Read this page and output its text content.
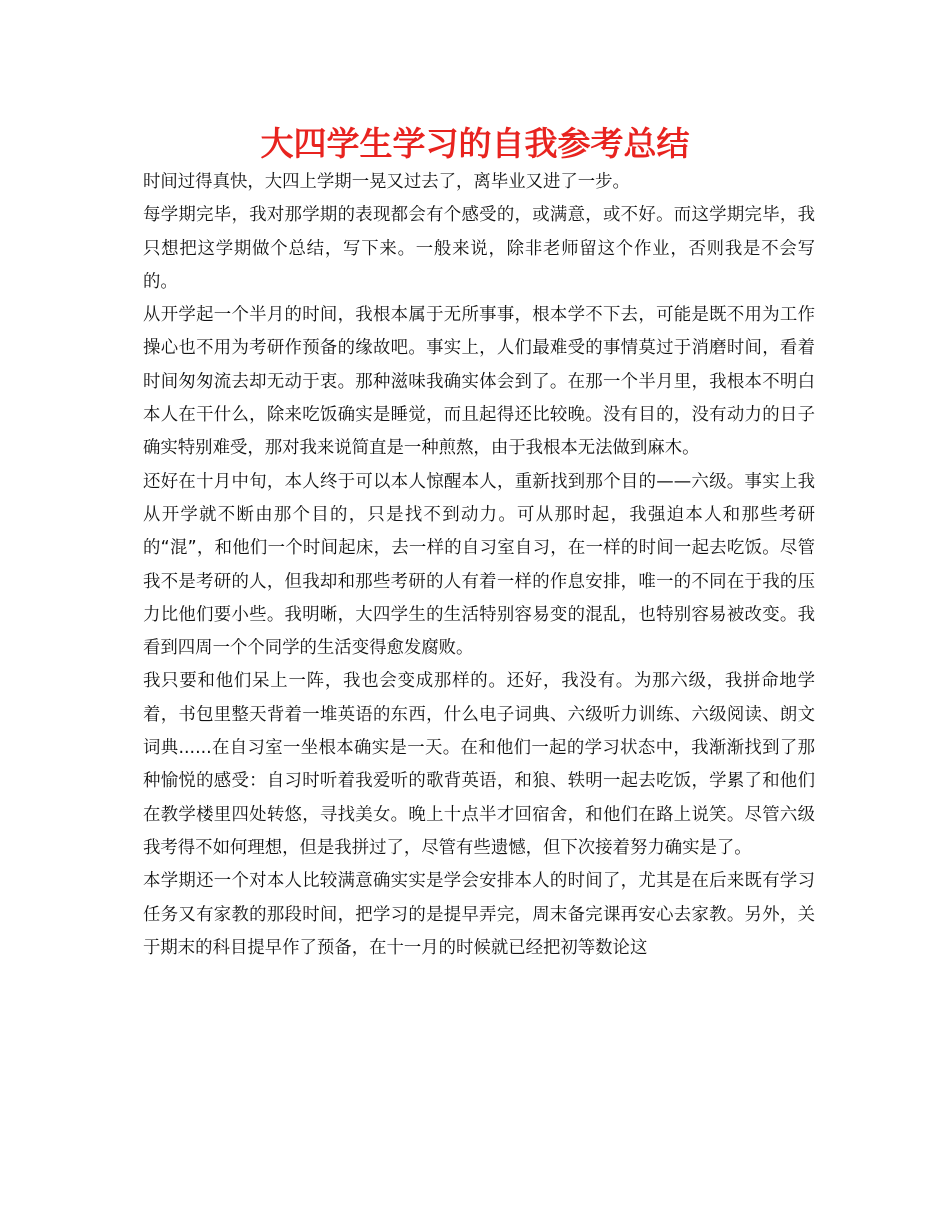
大四学生学习的自我参考总结

时间过得真快，大四上学期一晃又过去了，离毕业又进了一步。

每学期完毕，我对那学期的表现都会有个感受的，或满意，或不好。而这学期完毕，我只想把这学期做个总结，写下来。一般来说，除非老师留这个作业，否则我是不会写的。

从开学起一个半月的时间，我根本属于无所事事，根本学不下去，可能是既不用为工作操心也不用为考研作预备的缘故吧。事实上，人们最难受的事情莫过于消磨时间，看着时间匆匆流去却无动于衷。那种滋味我确实体会到了。在那一个半月里，我根本不明白本人在干什么，除来吃饭确实是睡觉，而且起得还比较晚。没有目的，没有动力的日子确实特别难受，那对我来说简直是一种煎熬，由于我根本无法做到麻木。

还好在十月中旬，本人终于可以本人惊醒本人，重新找到那个目的——六级。事实上我从开学就不断由那个目的，只是找不到动力。可从那时起，我强迫本人和那些考研的“混”，和他们一个时间起床，去一样的自习室自习，在一样的时间一起去吃饭。尽管我不是考研的人，但我却和那些考研的人有着一样的作息安排，唯一的不同在于我的压力比他们要小些。我明晰，大四学生的生活特别容易变的混乱，也特别容易被改变。我看到四周一个个同学的生活变得愈发腐败。

我只要和他们呆上一阵，我也会变成那样的。还好，我没有。为那六级，我拼命地学着，书包里整天背着一堆英语的东西，什么电子词典、六级听力训练、六级阅读、朗文词典......在自习室一坐根本确实是一天。在和他们一起的学习状态中，我渐渐找到了那种愉悦的感受：自习时听着我爱听的歌背英语，和狼、轶明一起去吃饭，学累了和他们在教学楼里四处转悠，寻找美女。晚上十点半才回宿舍，和他们在路上说笑。尽管六级我考得不如何理想，但是我拼过了，尽管有些遗憾，但下次接着努力确实是了。

本学期还一个对本人比较满意确实实是学会安排本人的时间了，尤其是在后来既有学习任务又有家教的那段时间，把学习的是提早弄完，周末备完课再安心去家教。另外，关于期末的科目提早作了预备，在十一月的时候就已经把初等数论这
